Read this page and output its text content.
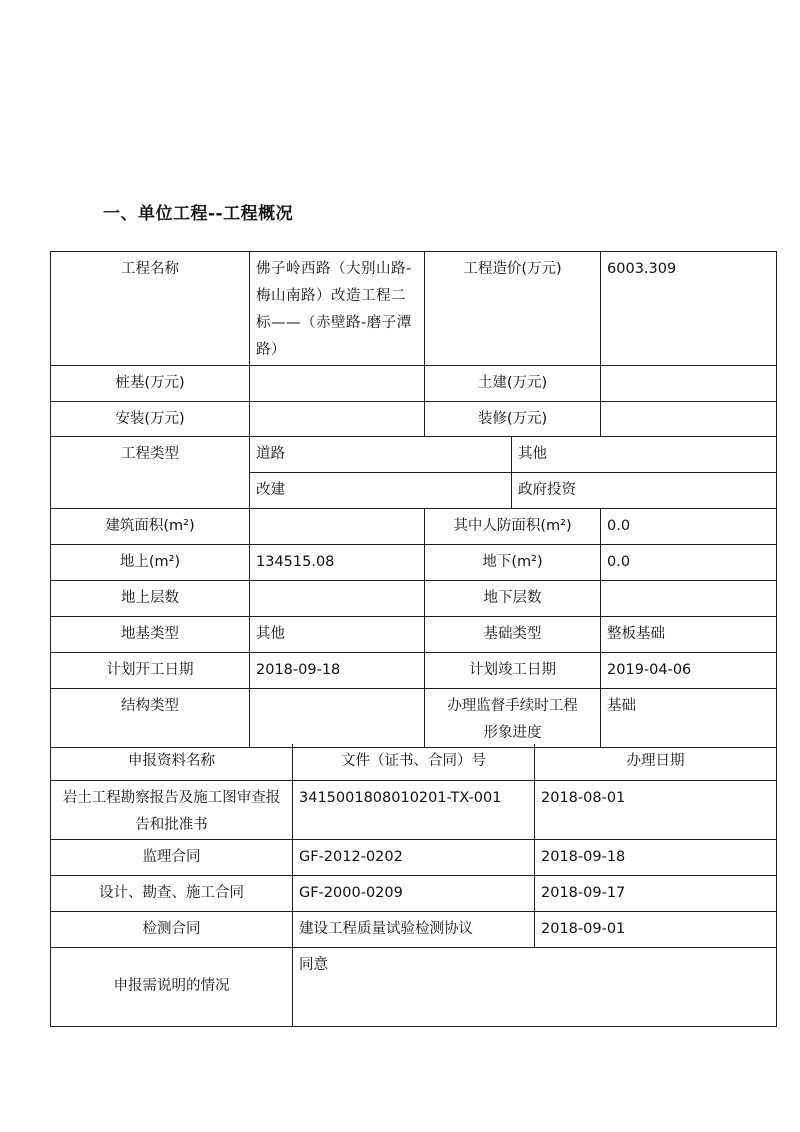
一、单位工程--工程概况
工程名称	佛子岭西路（大别山路-梅山南路）改造工程二标——（赤壁路-磨子潭路）	工程造价(万元)		6003.309
桩基(万元)		土建(万元)		
安装(万元)		装修(万元)		
工程类型	道路		其他	
	改建		政府投资	
建筑面积(m²)		其中人防面积(m²)		0.0
地上(m²)	134515.08	地下(m²)		0.0
地上层数		地下层数		
地基类型	其他	基础类型		整板基础
计划开工日期	2018-09-18	计划竣工日期		2019-04-06
结构类型		办理监督手续时工程形象进度		基础
申报资料名称	文件（证书、合同）号	办理日期
岩土工程勘察报告及施工图审查报告和批准书	3415001808010201-TX-001	2018-08-01
监理合同	GF-2012-0202	2018-09-18
设计、勘查、施工合同	GF-2000-0209	2018-09-17
检测合同	建设工程质量试验检测协议	2018-09-01
申报需说明的情况	同意	
